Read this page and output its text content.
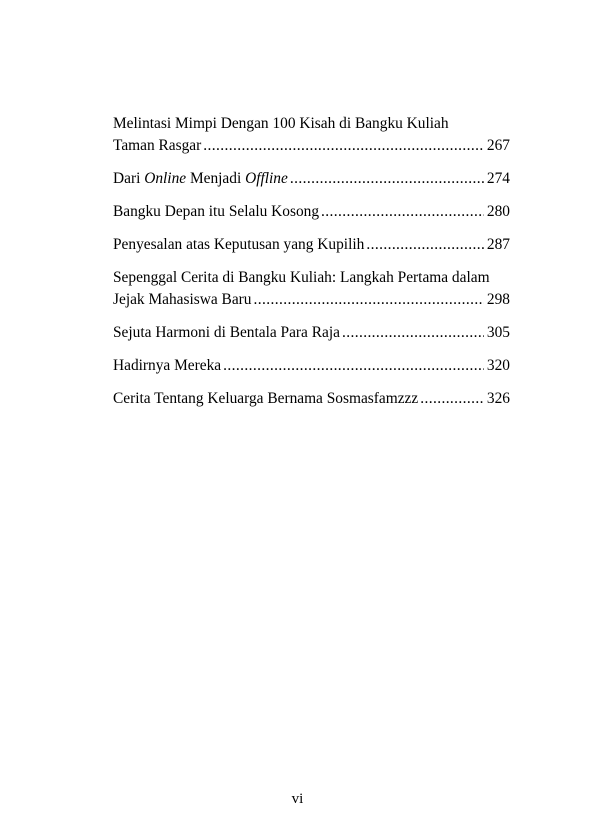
Melintasi Mimpi Dengan 100 Kisah di Bangku Kuliah
Taman Rasgar .....	267
Dari Online Menjadi Offline .....	274
Bangku Depan itu Selalu Kosong .....	280
Penyesalan atas Keputusan yang Kupilih .....	287
Sepenggal Cerita di Bangku Kuliah: Langkah Pertama dalam
Jejak Mahasiswa Baru .....	298
Sejuta Harmoni di Bentala Para Raja .....	305
Hadirnya Mereka .....	320
Cerita Tentang Keluarga Bernama Sosmasfamzzz .....	326
vi
